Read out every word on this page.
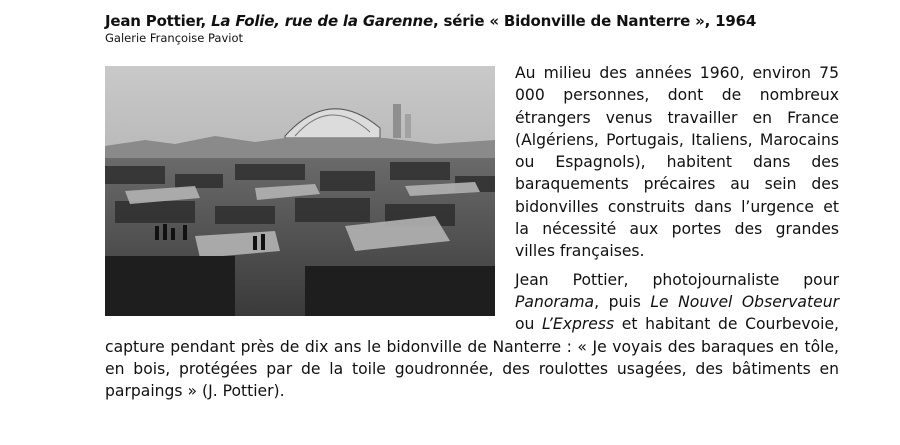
Jean Pottier, La Folie, rue de la Garenne, série « Bidonville de Nanterre », 1964

Galerie Françoise Paviot

Au milieu des années 1960, environ 75 000 personnes, dont de nombreux étrangers venus travailler en France (Algériens, Portugais, Italiens, Marocains ou Espagnols), habitent dans des baraquements précaires au sein des bidonvilles construits dans l’urgence et la nécessité aux portes des grandes villes françaises.

Jean Pottier, photojournaliste pour Panorama, puis Le Nouvel Observateur ou L’Express et habitant de Courbevoie, capture pendant près de dix ans le bidonville de Nanterre : « Je voyais des baraques en tôle, en bois, protégées par de la toile goudronnée, des roulottes usagées, des bâtiments en parpaings » (J. Pottier).
